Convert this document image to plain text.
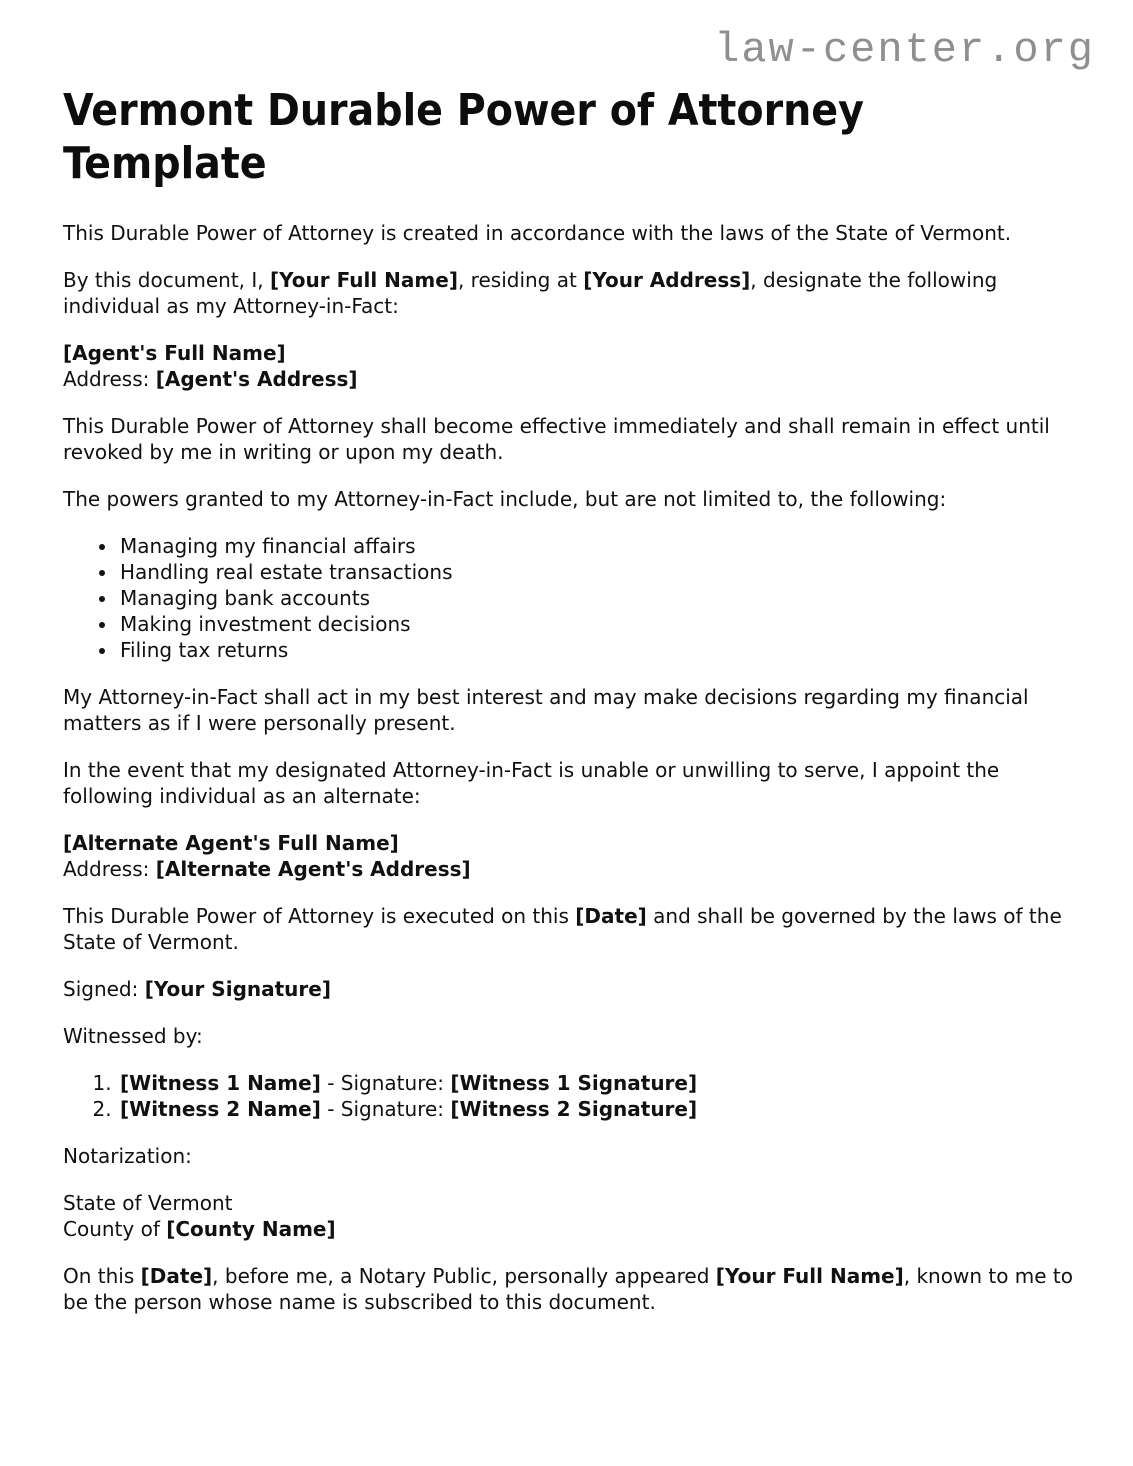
law-center.org
Vermont Durable Power of Attorney Template

This Durable Power of Attorney is created in accordance with the laws of the State of Vermont.

By this document, I, [Your Full Name], residing at [Your Address], designate the following individual as my Attorney-in-Fact:

[Agent's Full Name]
Address: [Agent's Address]

This Durable Power of Attorney shall become effective immediately and shall remain in effect until revoked by me in writing or upon my death.

The powers granted to my Attorney-in-Fact include, but are not limited to, the following:

• Managing my financial affairs
• Handling real estate transactions
• Managing bank accounts
• Making investment decisions
• Filing tax returns

My Attorney-in-Fact shall act in my best interest and may make decisions regarding my financial matters as if I were personally present.

In the event that my designated Attorney-in-Fact is unable or unwilling to serve, I appoint the following individual as an alternate:

[Alternate Agent's Full Name]
Address: [Alternate Agent's Address]

This Durable Power of Attorney is executed on this [Date] and shall be governed by the laws of the State of Vermont.

Signed: [Your Signature]

Witnessed by:

1. [Witness 1 Name] - Signature: [Witness 1 Signature]
2. [Witness 2 Name] - Signature: [Witness 2 Signature]

Notarization:

State of Vermont
County of [County Name]

On this [Date], before me, a Notary Public, personally appeared [Your Full Name], known to me to be the person whose name is subscribed to this document.
